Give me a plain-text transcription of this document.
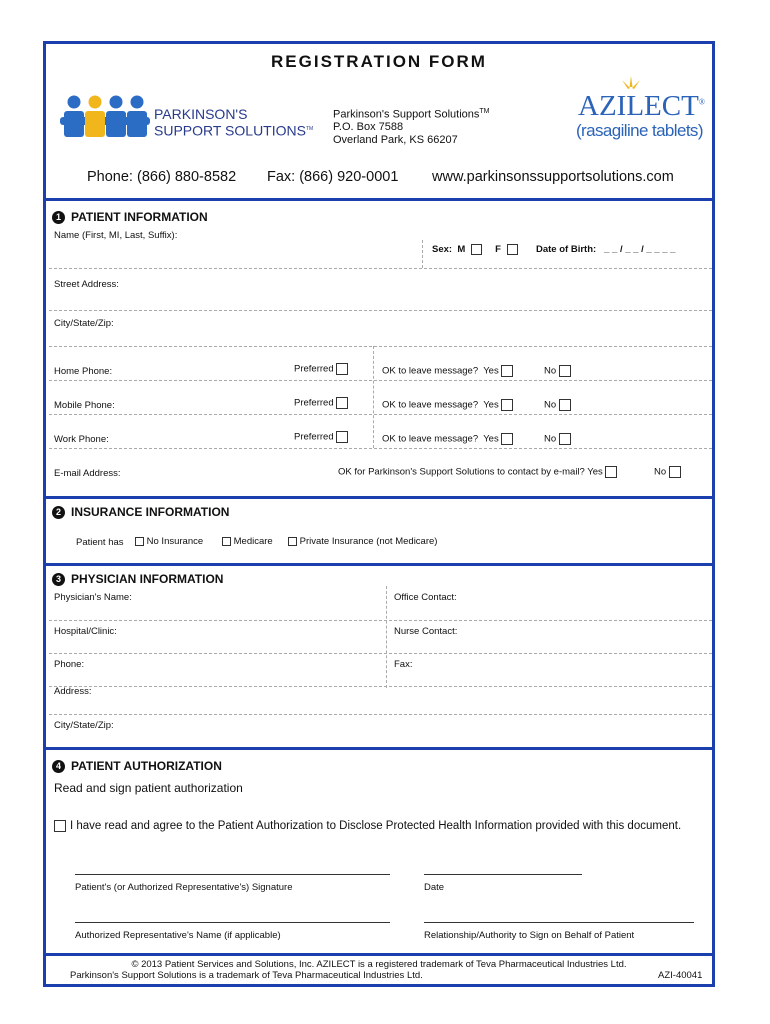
REGISTRATION FORM
PARKINSON'S
SUPPORT SOLUTIONS™
Parkinson's Support Solutions™
P.O. Box 7588
Overland Park, KS 66207
AZILECT®
(rasagiline tablets)
Phone: (866) 880-8582 Fax: (866) 920-0001 www.parkinsonssupportsolutions.com
1 PATIENT INFORMATION
Name (First, MI, Last, Suffix):
Sex: M	F	Date of Birth: _ _ / _ _ / _ _ _ _
Street Address:
City/State/Zip:
Home Phone:	Preferred	OK to leave message? Yes	No
Mobile Phone:	Preferred	OK to leave message? Yes	No
Work Phone:	Preferred	OK to leave message? Yes	No
E-mail Address:	OK for Parkinson's Support Solutions to contact by e-mail? Yes	No
2 INSURANCE INFORMATION
Patient has	No Insurance	Medicare	Private Insurance (not Medicare)
3 PHYSICIAN INFORMATION
Physician's Name:	Office Contact:
Hospital/Clinic:	Nurse Contact:
Phone:	Fax:
Address:
City/State/Zip:
4 PATIENT AUTHORIZATION
Read and sign patient authorization
I have read and agree to the Patient Authorization to Disclose Protected Health Information provided with this document.
Patient's (or Authorized Representative's) Signature	Date
Authorized Representative's Name (if applicable)	Relationship/Authority to Sign on Behalf of Patient
© 2013 Patient Services and Solutions, Inc. AZILECT is a registered trademark of Teva Pharmaceutical Industries Ltd.
Parkinson's Support Solutions is a trademark of Teva Pharmaceutical Industries Ltd.	AZI-40041
